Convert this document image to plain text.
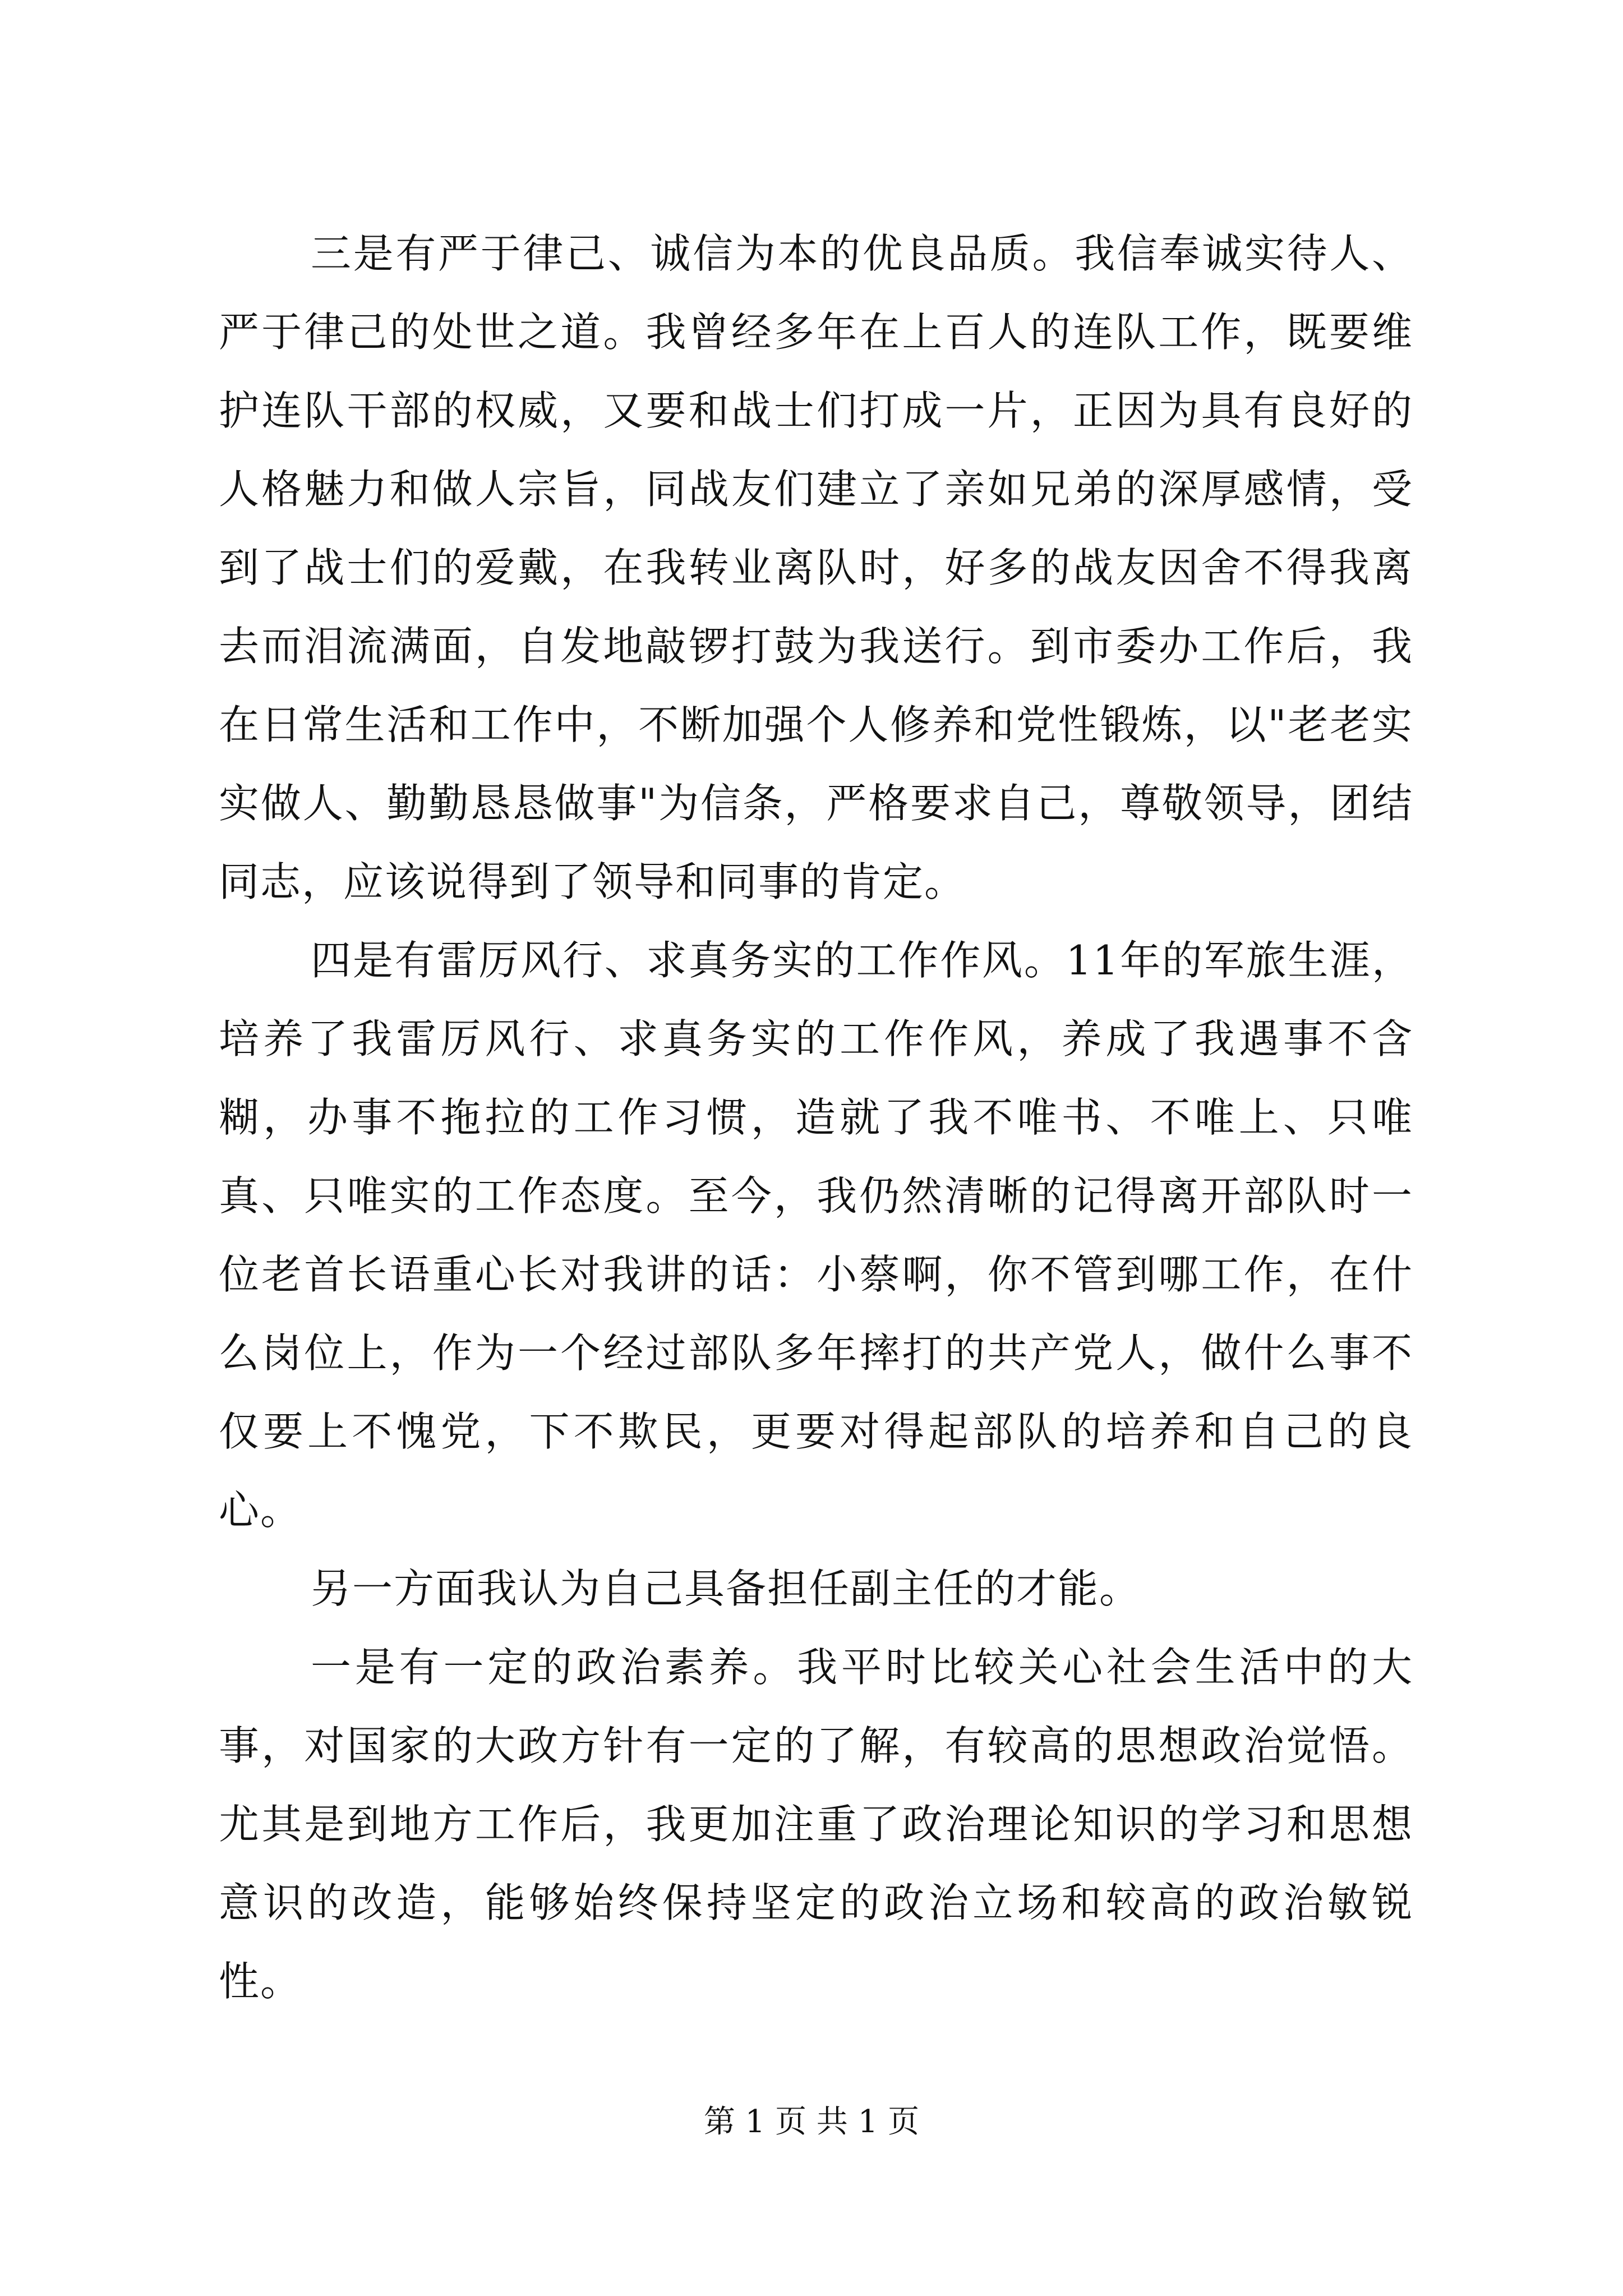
三是有严于律己、诚信为本的优良品质。我信奉诚实待人、严于律己的处世之道。我曾经多年在上百人的连队工作，既要维护连队干部的权威，又要和战士们打成一片，正因为具有良好的人格魅力和做人宗旨，同战友们建立了亲如兄弟的深厚感情，受到了战士们的爱戴，在我转业离队时，好多的战友因舍不得我离去而泪流满面，自发地敲锣打鼓为我送行。到市委办工作后，我在日常生活和工作中，不断加强个人修养和党性锻炼，以"老老实实做人、勤勤恳恳做事"为信条，严格要求自己，尊敬领导，团结同志，应该说得到了领导和同事的肯定。

四是有雷厉风行、求真务实的工作作风。11年的军旅生涯，培养了我雷厉风行、求真务实的工作作风，养成了我遇事不含糊，办事不拖拉的工作习惯，造就了我不唯书、不唯上、只唯真、只唯实的工作态度。至今，我仍然清晰的记得离开部队时一位老首长语重心长对我讲的话：小蔡啊，你不管到哪工作，在什么岗位上，作为一个经过部队多年摔打的共产党人，做什么事不仅要上不愧党，下不欺民，更要对得起部队的培养和自己的良心。

另一方面我认为自己具备担任副主任的才能。

一是有一定的政治素养。我平时比较关心社会生活中的大事，对国家的大政方针有一定的了解，有较高的思想政治觉悟。尤其是到地方工作后，我更加注重了政治理论知识的学习和思想意识的改造，能够始终保持坚定的政治立场和较高的政治敏锐性。

第 1 页 共 1 页
